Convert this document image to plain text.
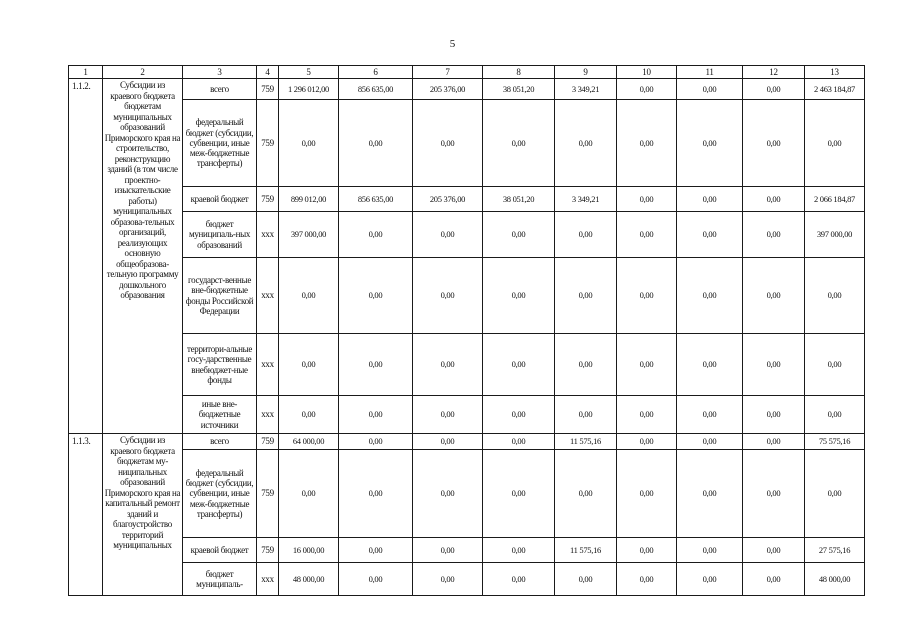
5
1	2	3	4	5	6	7	8	9	10	11	12	13
1.1.2.	Субсидии из краевого бюджета бюджетам муниципальных образований Приморского края на строительство, реконструкцию зданий (в том числе проектно-изыскательские работы) муниципальных образова-тельных организаций, реализующих основную общеобразова-тельную программу дошкольного образования	всего	759	1 296 012,00	856 635,00	205 376,00	38 051,20	3 349,21	0,00	0,00	0,00	2 463 184,87
		федеральный бюджет (субсидии, субвенции, иные меж-бюджетные трансферты)	759	0,00	0,00	0,00	0,00	0,00	0,00	0,00	0,00	0,00
		краевой бюджет	759	899 012,00	856 635,00	205 376,00	38 051,20	3 349,21	0,00	0,00	0,00	2 066 184,87
		бюджет муниципаль-ных образований	ххх	397 000,00	0,00	0,00	0,00	0,00	0,00	0,00	0,00	397 000,00
		государст-венные вне-бюджетные фонды Российской Федерации	ххх	0,00	0,00	0,00	0,00	0,00	0,00	0,00	0,00	0,00
		территори-альные госу-дарственные внебюджет-ные фонды	ххх	0,00	0,00	0,00	0,00	0,00	0,00	0,00	0,00	0,00
		иные вне-бюджетные источники	ххх	0,00	0,00	0,00	0,00	0,00	0,00	0,00	0,00	0,00
1.1.3.	Субсидии из краевого бюджета бюджетам му-ниципальных образований Приморского края на капитальный ремонт зданий и благоустройство территорий муниципальных	всего	759	64 000,00	0,00	0,00	0,00	11 575,16	0,00	0,00	0,00	75 575,16
		федеральный бюджет (субсидии, субвенции, иные меж-бюджетные трансферты)	759	0,00	0,00	0,00	0,00	0,00	0,00	0,00	0,00	0,00
		краевой бюджет	759	16 000,00	0,00	0,00	0,00	11 575,16	0,00	0,00	0,00	27 575,16
		бюджет муниципаль-	ххх	48 000,00	0,00	0,00	0,00	0,00	0,00	0,00	0,00	48 000,00
